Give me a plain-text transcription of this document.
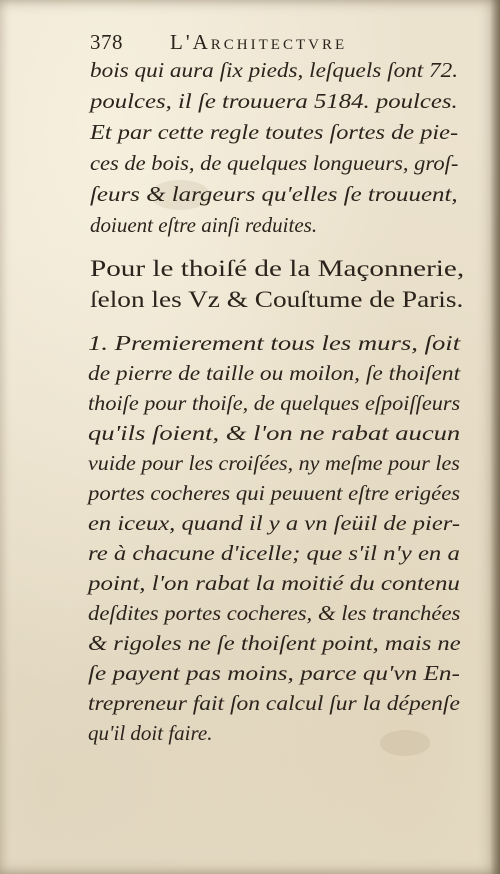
378 L'Architectvre
bois qui aura ſix pieds, leſquels ſont 72.
poulces, il ſe trouuera 5184. poulces.
Et par cette regle toutes ſortes de pie-
ces de bois, de quelques longueurs, groſ-
ſeurs & largeurs qu'elles ſe trouuent,
doiuent eſtre ainſi reduites.
Pour le thoiſé de la Maçonnerie,
ſelon les Vz & Couſtume de Paris.
1. Premierement tous les murs, ſoit
de pierre de taille ou moilon, ſe thoiſent
thoiſe pour thoiſe, de quelques eſpoiſſeurs
qu'ils ſoient, & l'on ne rabat aucun
vuide pour les croiſées, ny meſme pour les
portes cocheres qui peuuent eſtre erigées
en iceux, quand il y a vn ſeüil de pier-
re à chacune d'icelle; que s'il n'y en a
point, l'on rabat la moitié du contenu
deſdites portes cocheres, & les tranchées
& rigoles ne ſe thoiſent point, mais ne
ſe payent pas moins, parce qu'vn En-
trepreneur fait ſon calcul ſur la dépenſe
qu'il doit faire.
